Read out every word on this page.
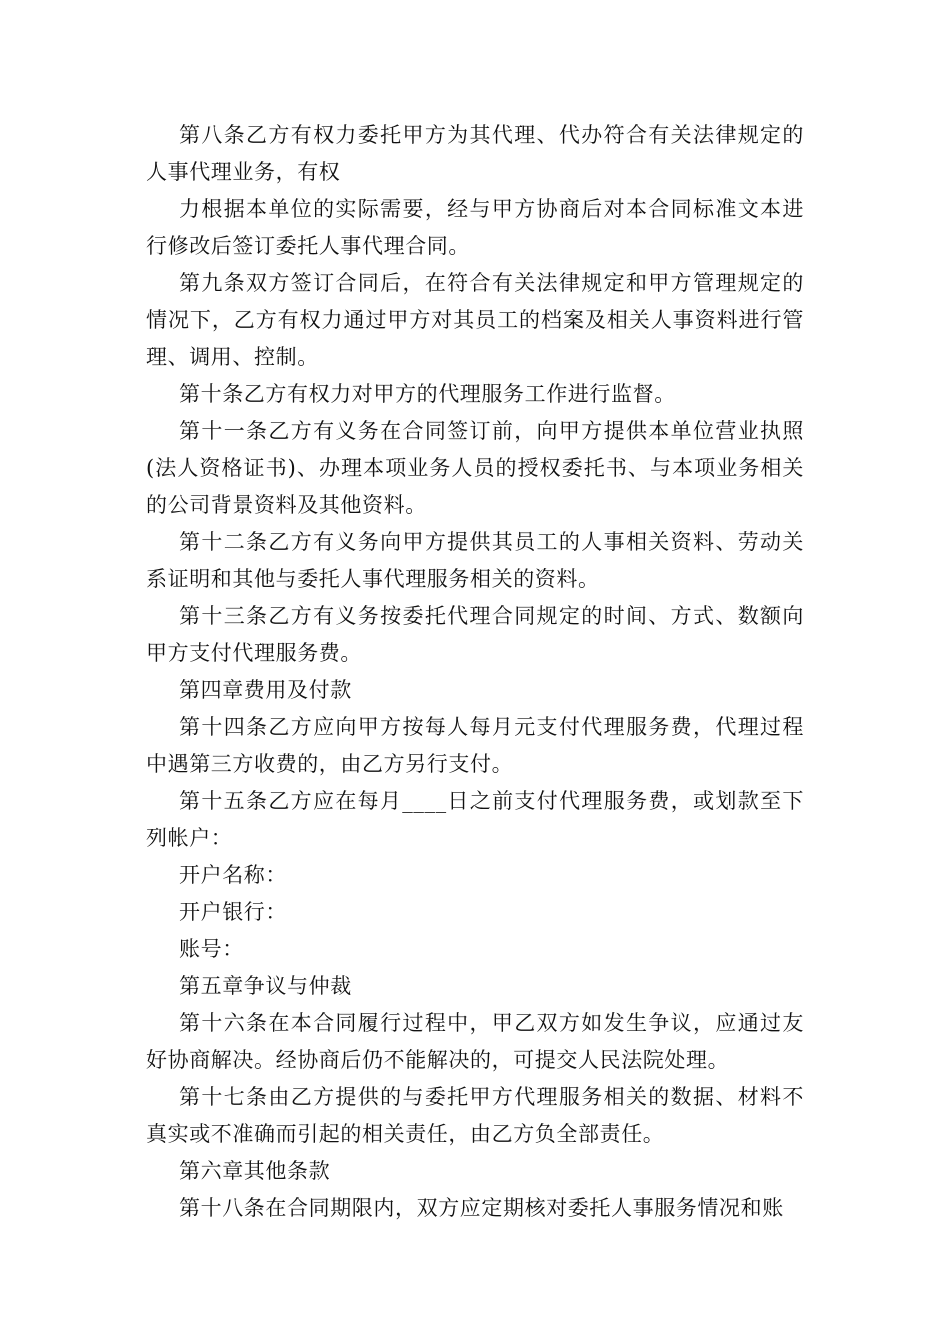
第八条乙方有权力委托甲方为其代理、代办符合有关法律规定的人事代理业务，有权

力根据本单位的实际需要，经与甲方协商后对本合同标准文本进行修改后签订委托人事代理合同。

第九条双方签订合同后，在符合有关法律规定和甲方管理规定的情况下，乙方有权力通过甲方对其员工的档案及相关人事资料进行管理、调用、控制。

第十条乙方有权力对甲方的代理服务工作进行监督。

第十一条乙方有义务在合同签订前，向甲方提供本单位营业执照(法人资格证书)、办理本项业务人员的授权委托书、与本项业务相关的公司背景资料及其他资料。

第十二条乙方有义务向甲方提供其员工的人事相关资料、劳动关系证明和其他与委托人事代理服务相关的资料。

第十三条乙方有义务按委托代理合同规定的时间、方式、数额向甲方支付代理服务费。

第四章费用及付款

第十四条乙方应向甲方按每人每月元支付代理服务费，代理过程中遇第三方收费的，由乙方另行支付。

第十五条乙方应在每月____日之前支付代理服务费，或划款至下列帐户：

开户名称：

开户银行：

账号：

第五章争议与仲裁

第十六条在本合同履行过程中，甲乙双方如发生争议，应通过友好协商解决。经协商后仍不能解决的，可提交人民法院处理。

第十七条由乙方提供的与委托甲方代理服务相关的数据、材料不真实或不准确而引起的相关责任，由乙方负全部责任。

第六章其他条款

第十八条在合同期限内，双方应定期核对委托人事服务情况和账
